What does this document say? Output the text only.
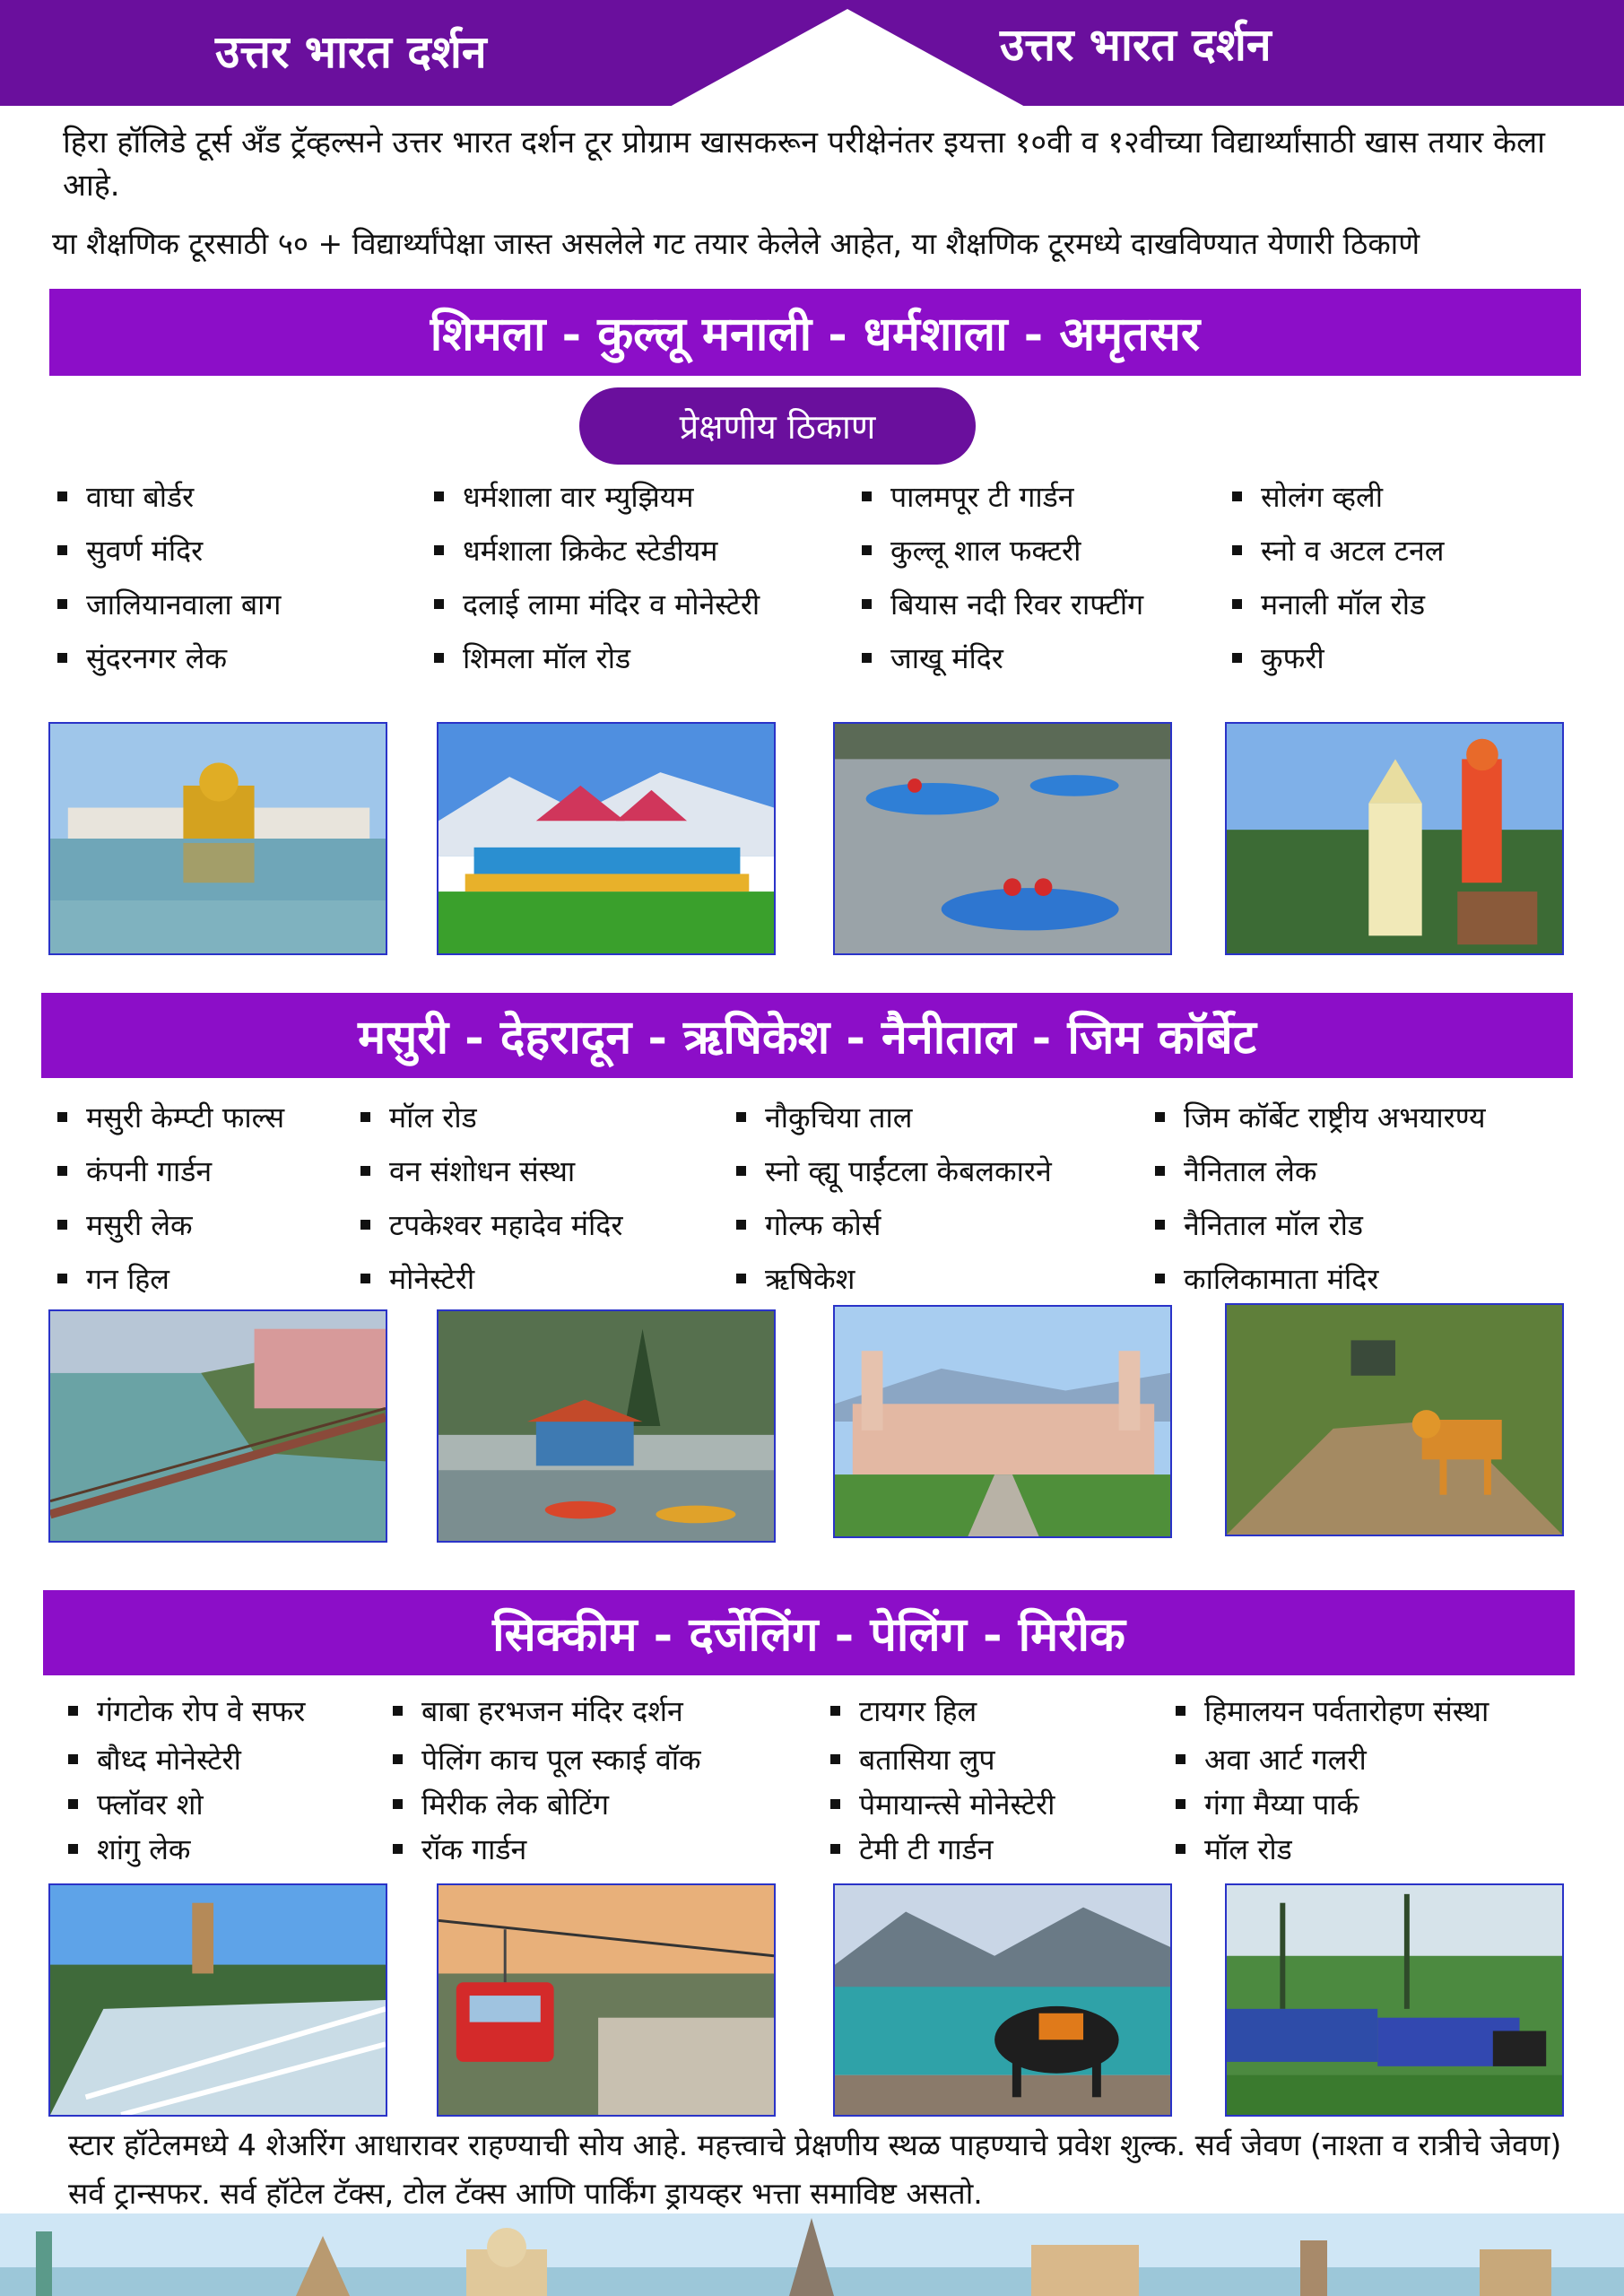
उत्तर भारत दर्शन	उत्तर भारत दर्शन
हिरा हॉलिडे टूर्स अँड ट्रॅव्हल्सने उत्तर भारत दर्शन टूर प्रोग्राम खासकरून परीक्षेनंतर इयत्ता १०वी व १२वीच्या विद्यार्थ्यांसाठी खास तयार केला आहे.
या शैक्षणिक टूरसाठी ५० + विद्यार्थ्यांपेक्षा जास्त असलेले गट तयार केलेले आहेत, या शैक्षणिक टूरमध्ये दाखविण्यात येणारी ठिकाणे
शिमला - कुल्लू मनाली - धर्मशाला - अमृतसर
प्रेक्षणीय ठिकाण
वाघा बोर्डर
सुवर्ण मंदिर
जालियानवाला बाग
सुंदरनगर लेक
धर्मशाला वार म्युझियम
धर्मशाला क्रिकेट स्टेडीयम
दलाई लामा मंदिर व मोनेस्टेरी
शिमला मॉल रोड
पालमपूर टी गार्डन
कुल्लू शाल फक्टरी
बियास नदी रिवर राफ्टींग
जाखू मंदिर
सोलंग व्हली
स्नो व अटल टनल
मनाली मॉल रोड
कुफरी
मसुरी - देहरादून - ऋषिकेश - नैनीताल - जिम कॉर्बेट
मसुरी केम्प्टी फाल्स
कंपनी गार्डन
मसुरी लेक
गन हिल
मॉल रोड
वन संशोधन संस्था
टपकेश्वर महादेव मंदिर
मोनेस्टेरी
नौकुचिया ताल
स्नो व्ह्यू पाईंटला केबलकारने
गोल्फ कोर्स
ऋषिकेश
जिम कॉर्बेट राष्ट्रीय अभयारण्य
नैनिताल लेक
नैनिताल मॉल रोड
कालिकामाता मंदिर
सिक्कीम - दर्जेलिंग - पेलिंग - मिरीक
गंगटोक रोप वे सफर
बौध्द मोनेस्टेरी
फ्लॉवर शो
शांगु लेक
बाबा हरभजन मंदिर दर्शन
पेलिंग काच पूल स्काई वॉक
मिरीक लेक बोटिंग
रॉक गार्डन
टायगर हिल
बतासिया लुप
पेमायान्त्से मोनेस्टेरी
टेमी टी गार्डन
हिमालयन पर्वतारोहण संस्था
अवा आर्ट गलरी
गंगा मैय्या पार्क
मॉल रोड
स्टार हॉटेलमध्ये 4 शेअरिंग आधारावर राहण्याची सोय आहे. महत्त्वाचे प्रेक्षणीय स्थळ पाहण्याचे प्रवेश शुल्क. सर्व जेवण (नाश्ता व रात्रीचे जेवण)
सर्व ट्रान्सफर. सर्व हॉटेल टॅक्स, टोल टॅक्स आणि पार्किंग ड्रायव्हर भत्ता समाविष्ट असतो.
